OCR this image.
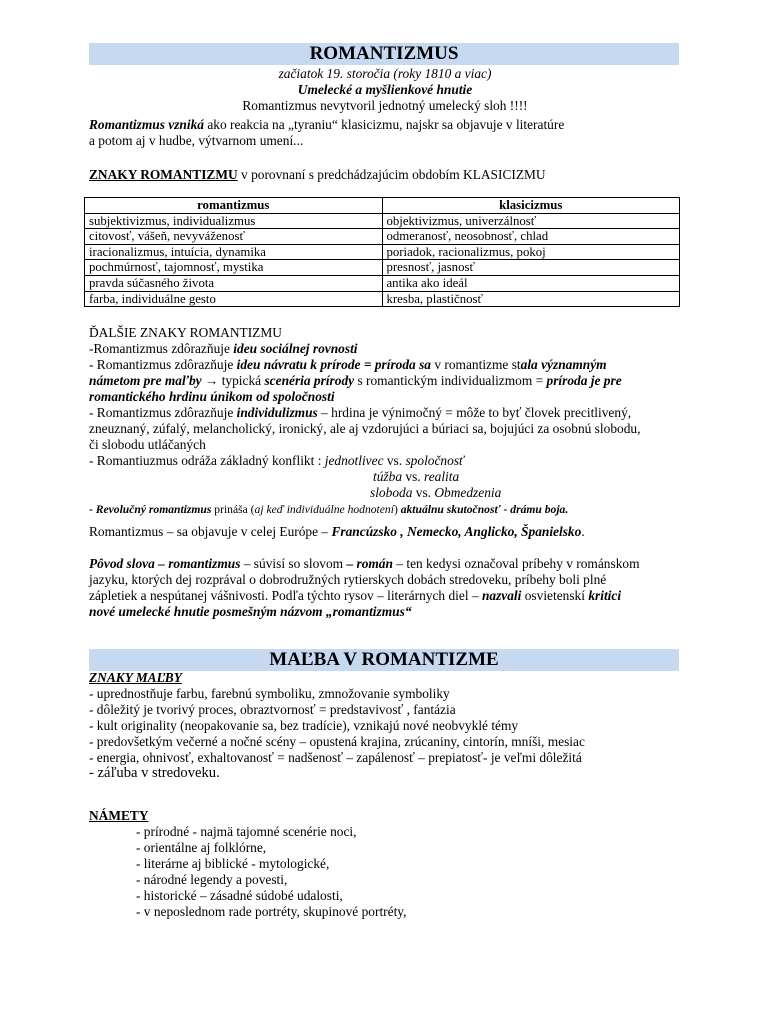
ROMANTIZMUS

začiatok 19. storočia (roky 1810 a viac)

Umelecké a myšlienkové hnutie

Romantizmus nevytvoril jednotný umelecký sloh !!!!

Romantizmus vzniká ako reakcia na „tyraniu“ klasicizmu, najskr sa objavuje v literatúre

a potom aj v hudbe, výtvarnom umení...

ZNAKY ROMANTIZMU v porovnaní s predchádzajúcim obdobím KLASICIZMU

romantizmus	klasicizmus
subjektivizmus, individualizmus	objektivizmus, univerzálnosť
citovosť, vášeň, nevyváženosť	odmeranosť, neosobnosť, chlad
iracionalizmus, intuícia, dynamika	poriadok, racionalizmus, pokoj
pochmúrnosť, tajomnosť, mystika	presnosť, jasnosť
pravda súčasného života	antika ako ideál
farba, individuálne gesto	kresba, plastičnosť

ĎALŠIE ZNAKY ROMANTIZMU

-Romantizmus zdôrazňuje ideu sociálnej rovnosti

- Romantizmus zdôrazňuje ideu návratu k prírode = príroda sa v romantizme stala významným

námetom pre maľby → typická scenéria prírody s romantickým individualizmom = príroda je pre

romantického hrdinu únikom od spoločnosti

- Romantizmus zdôrazňuje individulizmus – hrdina je výnimočný = môže to byť človek precitlivený,

zneuznaný, zúfalý, melancholický, ironický, ale aj vzdorujúci a búriaci sa, bojujúci za osobnú slobodu,

či slobodu utláčaných

- Romantiuzmus odráža základný konflikt : jednotlivec vs. spoločnosť

túžba vs. realita

sloboda vs. Obmedzenia

- Revolučný romantizmus prináša (aj keď individuálne hodnotení) aktuálnu skutočnosť - drámu boja.

Romantizmus – sa objavuje v celej Európe – Francúzsko , Nemecko, Anglicko, Španielsko.

Pôvod slova – romantizmus – súvisí so slovom – román – ten kedysi označoval príbehy v románskom

jazyku, ktorých dej rozprával o dobrodružných rytierskych dobách stredoveku, príbehy boli plné

zápletiek a nespútanej vášnivosti. Podľa týchto rysov – literárnych diel – nazvali osvietenskí kritici

nové umelecké hnutie posmešným názvom „romantizmus“

MAĽBA V ROMANTIZME

ZNAKY MAĽBY

- uprednostňuje farbu, farebnú symboliku, zmnožovanie symboliky

- dôležitý je tvorivý proces, obraztvornosť = predstavivosť , fantázia

- kult originality (neopakovanie sa, bez tradície), vznikajú nové neobvyklé témy

- predovšetkým večerné a nočné scény – opustená krajina, zrúcaniny, cintorín, mníši, mesiac

- energia, ohnivosť, exhaltovanosť = nadšenosť – zapálenosť – prepiatosť- je veľmi dôležitá

- záľuba v stredoveku.

NÁMETY

- prírodné - najmä tajomné scenérie noci,

- orientálne aj folklórne,

- literárne aj biblické - mytologické,

- národné legendy a povesti,

- historické – zásadné súdobé udalosti,

- v neposlednom rade portréty, skupinové portréty,
